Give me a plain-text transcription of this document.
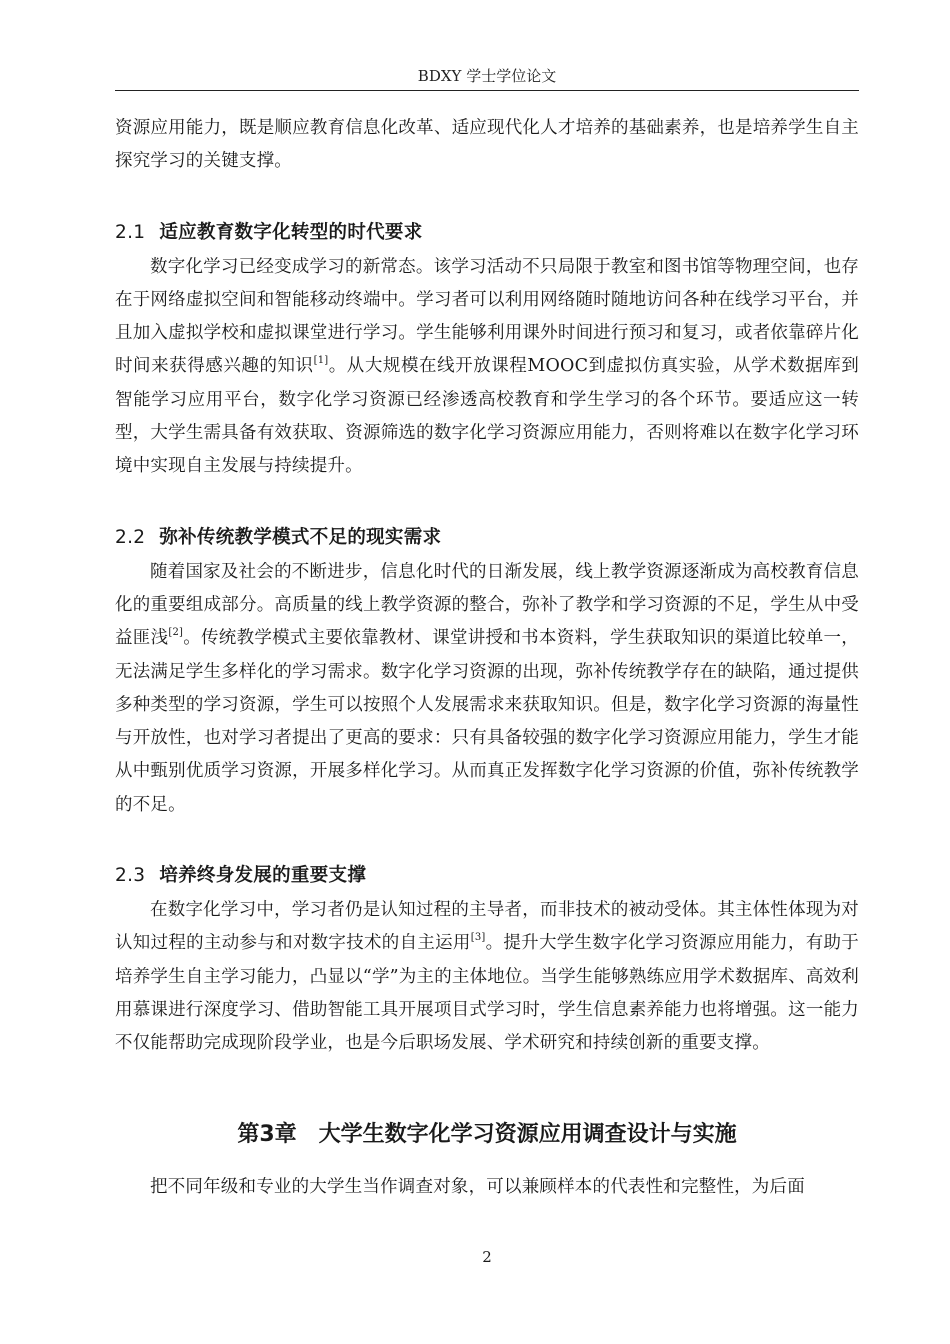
BDXY 学士学位论文

资源应用能力，既是顺应教育信息化改革、适应现代化人才培养的基础素养，也是培养学生自主探究学习的关键支撑。

2.1 适应教育数字化转型的时代要求

数字化学习已经变成学习的新常态。该学习活动不只局限于教室和图书馆等物理空间，也存在于网络虚拟空间和智能移动终端中。学习者可以利用网络随时随地访问各种在线学习平台，并且加入虚拟学校和虚拟课堂进行学习。学生能够利用课外时间进行预习和复习，或者依靠碎片化时间来获得感兴趣的知识[1]。从大规模在线开放课程MOOC到虚拟仿真实验，从学术数据库到智能学习应用平台，数字化学习资源已经渗透高校教育和学生学习的各个环节。要适应这一转型，大学生需具备有效获取、资源筛选的数字化学习资源应用能力，否则将难以在数字化学习环境中实现自主发展与持续提升。

2.2 弥补传统教学模式不足的现实需求

随着国家及社会的不断进步，信息化时代的日渐发展，线上教学资源逐渐成为高校教育信息化的重要组成部分。高质量的线上教学资源的整合，弥补了教学和学习资源的不足，学生从中受益匪浅[2]。传统教学模式主要依靠教材、课堂讲授和书本资料，学生获取知识的渠道比较单一，无法满足学生多样化的学习需求。数字化学习资源的出现，弥补传统教学存在的缺陷，通过提供多种类型的学习资源，学生可以按照个人发展需求来获取知识。但是，数字化学习资源的海量性与开放性，也对学习者提出了更高的要求：只有具备较强的数字化学习资源应用能力，学生才能从中甄别优质学习资源，开展多样化学习。从而真正发挥数字化学习资源的价值，弥补传统教学的不足。

2.3 培养终身发展的重要支撑

在数字化学习中，学习者仍是认知过程的主导者，而非技术的被动受体。其主体性体现为对认知过程的主动参与和对数字技术的自主运用[3]。提升大学生数字化学习资源应用能力，有助于培养学生自主学习能力，凸显以“学”为主的主体地位。当学生能够熟练应用学术数据库、高效利用慕课进行深度学习、借助智能工具开展项目式学习时，学生信息素养能力也将增强。这一能力不仅能帮助完成现阶段学业，也是今后职场发展、学术研究和持续创新的重要支撑。

第3章 大学生数字化学习资源应用调查设计与实施

把不同年级和专业的大学生当作调查对象，可以兼顾样本的代表性和完整性，为后面

2
